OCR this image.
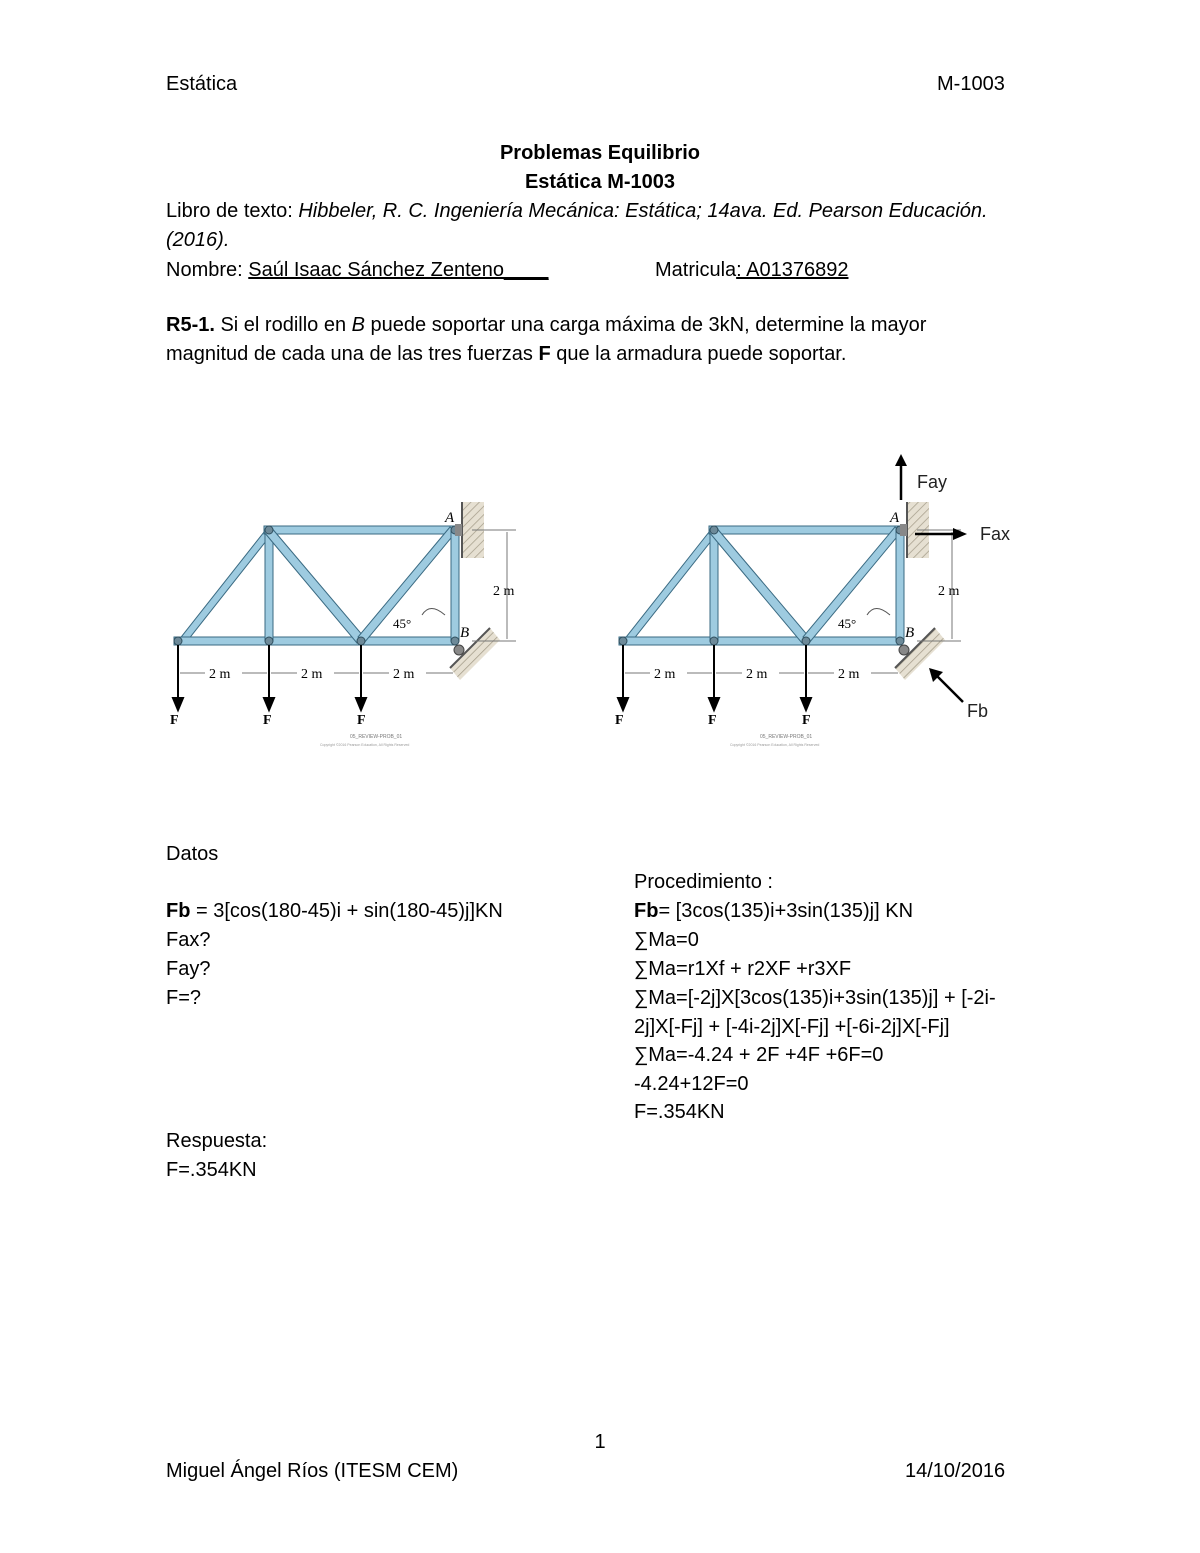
Estática	M-1003
Problemas Equilibrio
Estática M-1003
Libro de texto: Hibbeler, R. C. Ingeniería Mecánica: Estática; 14ava. Ed. Pearson Educación.
(2016).
Nombre: Saúl Isaac Sánchez Zenteno____	Matricula: A01376892
R5-1. Si el rodillo en B puede soportar una carga máxima de 3kN, determine la mayor
magnitud de cada una de las tres fuerzas F que la armadura puede soportar.
A
B
2 m
45°
2 m	2 m	2 m
F	F	F
05_REVIEW-PROB_01
Copyright ©2016 Pearson Education, All Rights Reserved
A
B
2 m
45°
2 m	2 m	2 m
F	F	F
05_REVIEW-PROB_01
Copyright ©2016 Pearson Education, All Rights Reserved
Fay
Fax
Fb
Datos
Fb = 3[cos(180-45)i + sin(180-45)j]KN
Fax?
Fay?
F=?
Respuesta:
F=.354KN
Procedimiento :
Fb= [3cos(135)i+3sin(135)j] KN
∑Ma=0
∑Ma=r1Xf + r2XF +r3XF
∑Ma=[-2j]X[3cos(135)i+3sin(135)j] + [-2i-
2j]X[-Fj] + [-4i-2j]X[-Fj] +[-6i-2j]X[-Fj]
∑Ma=-4.24 + 2F +4F +6F=0
-4.24+12F=0
F=.354KN
1
Miguel Ángel Ríos (ITESM CEM)	14/10/2016
